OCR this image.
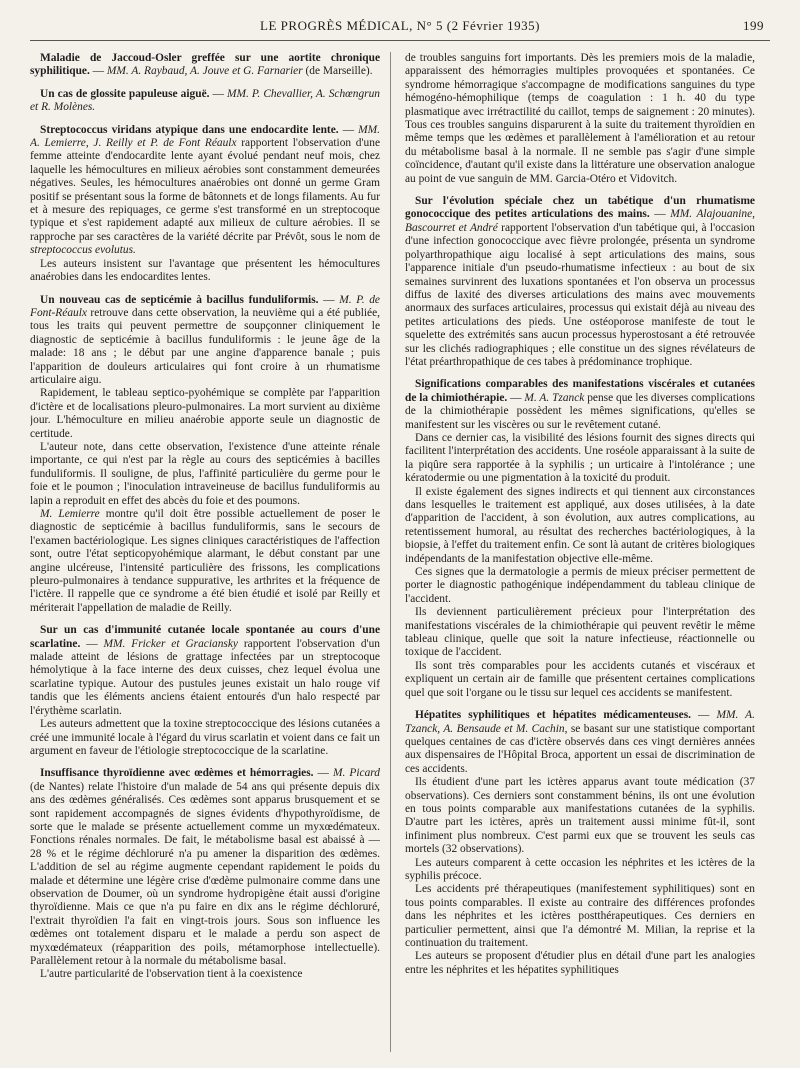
LE PROGRÈS MÉDICAL, N° 5 (2 Février 1935)	199

Maladie de Jaccoud-Osler greffée sur une aortite chronique syphilitique. — MM. A. Raybaud, A. Jouve et G. Farnarier (de Marseille).

Un cas de glossite papuleuse aiguë. — MM. P. Chevallier, A. Schœngrun et R. Molènes.

Streptococcus viridans atypique dans une endocardite lente. — MM. A. Lemierre, J. Reilly et P. de Font Réaulx rapportent l'observation d'une femme atteinte d'endocardite lente ayant évolué pendant neuf mois, chez laquelle les hémocultures en milieux aérobies sont constamment demeurées négatives. Seules, les hémocultures anaérobies ont donné un germe Gram positif se présentant sous la forme de bâtonnets et de longs filaments. Au fur et à mesure des repiquages, ce germe s'est transformé en un streptocoque typique et s'est rapidement adapté aux milieux de culture aérobies. Il se rapproche par ses caractères de la variété décrite par Prévôt, sous le nom de streptococcus evolutus.

Les auteurs insistent sur l'avantage que présentent les hémocultures anaérobies dans les endocardites lentes.

Un nouveau cas de septicémie à bacillus funduliformis. — M. P. de Font-Réaulx retrouve dans cette observation, la neuvième qui a été publiée, tous les traits qui peuvent permettre de soupçonner cliniquement le diagnostic de septicémie à bacillus funduliformis : le jeune âge de la malade: 18 ans ; le début par une angine d'apparence banale ; puis l'apparition de douleurs articulaires qui font croire à un rhumatisme articulaire aigu.

Rapidement, le tableau septico-pyohémique se complète par l'apparition d'ictère et de localisations pleuro-pulmonaires. La mort survient au dixième jour. L'hémoculture en milieu anaérobie apporte seule un diagnostic de certitude.

L'auteur note, dans cette observation, l'existence d'une atteinte rénale importante, ce qui n'est par la règle au cours des septicémies à bacilles funduliformis. Il souligne, de plus, l'affinité particulière du germe pour le foie et le poumon ; l'inoculation intraveineuse de bacillus funduliformis au lapin a reproduit en effet des abcès du foie et des poumons.

M. Lemierre montre qu'il doit être possible actuellement de poser le diagnostic de septicémie à bacillus funduliformis, sans le secours de l'examen bactériologique. Les signes cliniques caractéristiques de l'affection sont, outre l'état septicopyohémique alarmant, le début constant par une angine ulcéreuse, l'intensité particulière des frissons, les complications pleuro-pulmonaires à tendance suppurative, les arthrites et la fréquence de l'ictère. Il rappelle que ce syndrome a été bien étudié et isolé par Reilly et mériterait l'appellation de maladie de Reilly.

Sur un cas d'immunité cutanée locale spontanée au cours d'une scarlatine. — MM. Fricker et Graciansky rapportent l'observation d'un malade atteint de lésions de grattage infectées par un streptocoque hémolytique à la face interne des deux cuisses, chez lequel évolua une scarlatine typique. Autour des pustules jeunes existait un halo rouge vif tandis que les éléments anciens étaient entourés d'un halo respecté par l'érythème scarlatin.

Les auteurs admettent que la toxine streptococcique des lésions cutanées a créé une immunité locale à l'égard du virus scarlatin et voient dans ce fait un argument en faveur de l'étiologie streptococcique de la scarlatine.

Insuffisance thyroïdienne avec œdèmes et hémorragies. — M. Picard (de Nantes) relate l'histoire d'un malade de 54 ans qui présente depuis dix ans des œdèmes généralisés. Ces œdèmes sont apparus brusquement et se sont rapidement accompagnés de signes évidents d'hypothyroïdisme, de sorte que le malade se présente actuellement comme un myxœdémateux. Fonctions rénales normales. De fait, le métabolisme basal est abaissé à — 28 % et le régime déchloruré n'a pu amener la disparition des œdèmes. L'addition de sel au régime augmente cependant rapidement le poids du malade et détermine une légère crise d'œdème pulmonaire comme dans une observation de Doumer, où un syndrome hydropigène était aussi d'origine thyroïdienne. Mais ce que n'a pu faire en dix ans le régime déchloruré, l'extrait thyroïdien l'a fait en vingt-trois jours. Sous son influence les œdèmes ont totalement disparu et le malade a perdu son aspect de myxœdémateux (réapparition des poils, métamorphose intellectuelle). Parallèlement retour à la normale du métabolisme basal.

L'autre particularité de l'observation tient à la coexistence

de troubles sanguins fort importants. Dès les premiers mois de la maladie, apparaissent des hémorragies multiples provoquées et spontanées. Ce syndrome hémorragique s'accompagne de modifications sanguines du type hémogéno-hémophilique (temps de coagulation : 1 h. 40 du type plasmatique avec irrétractilité du caillot, temps de saignement : 20 minutes). Tous ces troubles sanguins disparurent à la suite du traitement thyroïdien en même temps que les œdèmes et parallèlement à l'amélioration et au retour du métabolisme basal à la normale. Il ne semble pas s'agir d'une simple coïncidence, d'autant qu'il existe dans la littérature une observation analogue au point de vue sanguin de MM. Garcia-Otéro et Vidovitch.

Sur l'évolution spéciale chez un tabétique d'un rhumatisme gonococcique des petites articulations des mains. — MM. Alajouanine, Bascourret et André rapportent l'observation d'un tabétique qui, à l'occasion d'une infection gonococcique avec fièvre prolongée, présenta un syndrome polyarthropathique aigu localisé à sept articulations des mains, sous l'apparence initiale d'un pseudo-rhumatisme infectieux : au bout de six semaines survinrent des luxations spontanées et l'on observa un processus diffus de laxité des diverses articulations des mains avec mouvements anormaux des surfaces articulaires, processus qui existait déjà au niveau des petites articulations des pieds. Une ostéoporose manifeste de tout le squelette des extrémités sans aucun processus hyperostosant a été retrouvée sur les clichés radiographiques ; elle constitue un des signes révélateurs de l'état préarthropathique de ces tabes à prédominance trophique.

Significations comparables des manifestations viscérales et cutanées de la chimiothérapie. — M. A. Tzanck pense que les diverses complications de la chimiothérapie possèdent les mêmes significations, qu'elles se manifestent sur les viscères ou sur le revêtement cutané.

Dans ce dernier cas, la visibilité des lésions fournit des signes directs qui facilitent l'interprétation des accidents. Une roséole apparaissant à la suite de la piqûre sera rapportée à la syphilis ; un urticaire à l'intolérance ; une kératodermie ou une pigmentation à la toxicité du produit.

Il existe également des signes indirects et qui tiennent aux circonstances dans lesquelles le traitement est appliqué, aux doses utilisées, à la date d'apparition de l'accident, à son évolution, aux autres complications, au retentissement humoral, au résultat des recherches bactériologiques, à la biopsie, à l'effet du traitement enfin. Ce sont là autant de critères biologiques indépendants de la manifestation objective elle-même.

Ces signes que la dermatologie a permis de mieux préciser permettent de porter le diagnostic pathogénique indépendamment du tableau clinique de l'accident.

Ils deviennent particulièrement précieux pour l'interprétation des manifestations viscérales de la chimiothérapie qui peuvent revêtir le même tableau clinique, quelle que soit la nature infectieuse, réactionnelle ou toxique de l'accident.

Ils sont très comparables pour les accidents cutanés et viscéraux et expliquent un certain air de famille que présentent certaines complications quel que soit l'organe ou le tissu sur lequel ces accidents se manifestent.

Hépatites syphilitiques et hépatites médicamenteuses. — MM. A. Tzanck, A. Bensaude et M. Cachin, se basant sur une statistique comportant quelques centaines de cas d'ictère observés dans ces vingt dernières années aux dispensaires de l'Hôpital Broca, apportent un essai de discrimination de ces accidents.

Ils étudient d'une part les ictères apparus avant toute médication (37 observations). Ces derniers sont constamment bénins, ils ont une évolution en tous points comparable aux manifestations cutanées de la syphilis. D'autre part les ictères, après un traitement aussi minime fût-il, sont infiniment plus nombreux. C'est parmi eux que se trouvent les seuls cas mortels (32 observations).

Les auteurs comparent à cette occasion les néphrites et les ictères de la syphilis précoce.

Les accidents pré thérapeutiques (manifestement syphilitiques) sont en tous points comparables. Il existe au contraire des différences profondes dans les néphrites et les ictères postthérapeutiques. Ces derniers en particulier permettent, ainsi que l'a démontré M. Milian, la reprise et la continuation du traitement.

Les auteurs se proposent d'étudier plus en détail d'une part les analogies entre les néphrites et les hépatites syphilitiques
